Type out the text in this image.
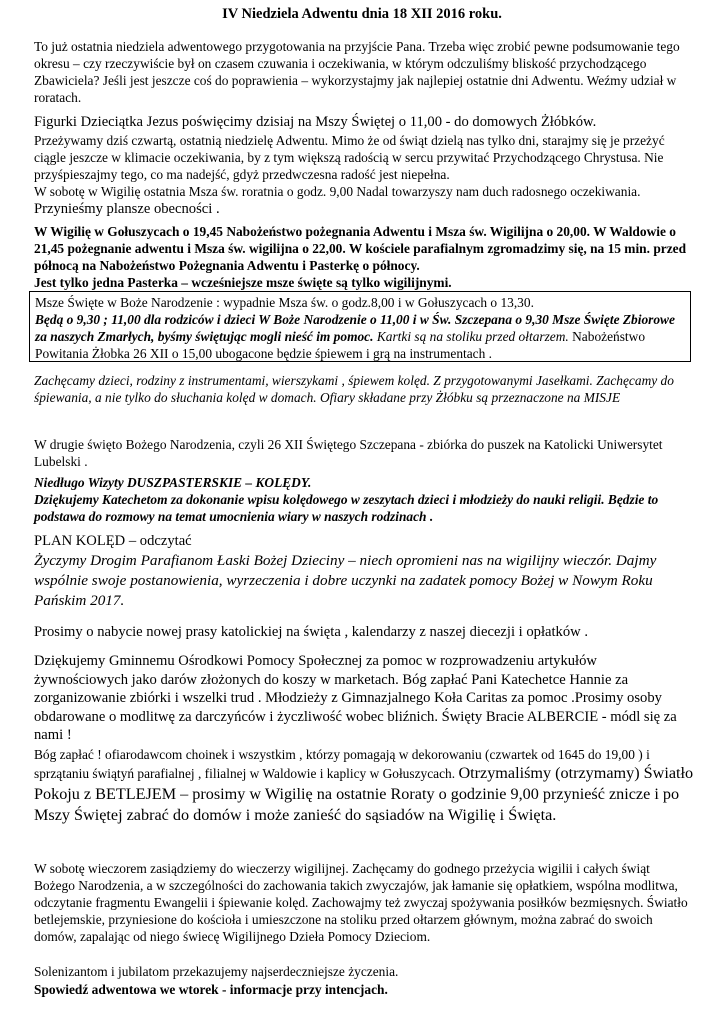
IV Niedziela Adwentu dnia 18 XII 2016 roku.
To już ostatnia niedziela adwentowego przygotowania na przyjście Pana. Trzeba więc zrobić pewne podsumowanie tego okresu – czy rzeczywiście był on czasem czuwania i oczekiwania, w którym odczuliśmy bliskość przychodzącego Zbawiciela? Jeśli jest jeszcze coś do poprawienia – wykorzystajmy jak najlepiej ostatnie dni Adwentu. Weźmy udział w roratach.
Figurki Dzieciątka Jezus poświęcimy dzisiaj na Mszy Świętej o 11,00 - do domowych Żłóbków.
Przeżywamy dziś czwartą, ostatnią niedzielę Adwentu. Mimo że od świąt dzielą nas tylko dni, starajmy się je przeżyć ciągle jeszcze w klimacie oczekiwania, by z tym większą radością w sercu przywitać Przychodzącego Chrystusa. Nie przyśpieszajmy tego, co ma nadejść, gdyż przedwczesna radość jest niepełna.
W sobotę w Wigilię ostatnia Msza św. roratnia o godz. 9,00 Nadal towarzyszy nam duch radosnego oczekiwania. Przynieśmy plansze obecności .
W Wigilię w Gołuszycach o 19,45 Nabożeństwo pożegnania Adwentu i Msza św. Wigilijna o 20,00. W Waldowie o 21,45 pożegnanie adwentu i Msza św. wigilijna o 22,00. W kościele parafialnym zgromadzimy się, na 15 min. przed północą na Nabożeństwo Pożegnania Adwentu i Pasterkę o północy.
Jest tylko jedna Pasterka – wcześniejsze msze święte są tylko wigilijnymi.
Msze Święte w Boże Narodzenie : wypadnie Msza św. o godz.8,00 i w Gołuszycach o 13,30.
Będą o 9,30 ; 11,00 dla rodziców i dzieci W Boże Narodzenie o 11,00 i w Św. Szczepana o 9,30 Msze Święte Zbiorowe za naszych Zmarłych, byśmy świętując mogli nieść im pomoc. Kartki są na stoliku przed ołtarzem. Nabożeństwo Powitania Żłobka 26 XII o 15,00 ubogacone będzie śpiewem i grą na instrumentach .
Zachęcamy dzieci, rodziny z instrumentami, wierszykami , śpiewem kolęd. Z przygotowanymi Jasełkami. Zachęcamy do śpiewania, a nie tylko do słuchania kolęd w domach. Ofiary składane przy Żłóbku są przeznaczone na MISJE
W drugie święto Bożego Narodzenia, czyli 26 XII Świętego Szczepana - zbiórka do puszek na Katolicki Uniwersytet Lubelski .
Niedługo Wizyty DUSZPASTERSKIE – KOLĘDY.
Dziękujemy Katechetom za dokonanie wpisu kolędowego w zeszytach dzieci i młodzieży do nauki religii. Będzie to podstawa do rozmowy na temat umocnienia wiary w naszych rodzinach .
PLAN KOLĘD – odczytać
Życzymy Drogim Parafianom Łaski Bożej Dzieciny – niech opromieni nas na wigilijny wieczór. Dajmy wspólnie swoje postanowienia, wyrzeczenia i dobre uczynki na zadatek pomocy Bożej w Nowym Roku Pańskim 2017.
Prosimy o nabycie nowej prasy katolickiej na święta , kalendarzy z naszej diecezji i opłatków .
Dziękujemy Gminnemu Ośrodkowi Pomocy Społecznej za pomoc w rozprowadzeniu artykułów żywnościowych jako darów złożonych do koszy w marketach. Bóg zapłać Pani Katechetce Hannie za zorganizowanie zbiórki i wszelki trud . Młodzieży z Gimnazjalnego Koła Caritas za pomoc .Prosimy osoby obdarowane o modlitwę za darczyńców i życzliwość wobec bliźnich. Święty Bracie ALBERCIE - módl się za nami !
Bóg zapłać ! ofiarodawcom choinek i wszystkim , którzy pomagają w dekorowaniu (czwartek od 1645 do 19,00 ) i sprzątaniu świątyń parafialnej , filialnej w Waldowie i kaplicy w Gołuszycach. Otrzymaliśmy (otrzymamy) Światło Pokoju z BETLEJEM – prosimy w Wigilię na ostatnie Roraty o godzinie 9,00 przynieść znicze i po Mszy Świętej zabrać do domów i może zanieść do sąsiadów na Wigilię i Święta.
W sobotę wieczorem zasiądziemy do wieczerzy wigilijnej. Zachęcamy do godnego przeżycia wigilii i całych świąt Bożego Narodzenia, a w szczególności do zachowania takich zwyczajów, jak łamanie się opłatkiem, wspólna modlitwa, odczytanie fragmentu Ewangelii i śpiewanie kolęd. Zachowajmy też zwyczaj spożywania posiłków bezmięsnych. Światło betlejemskie, przyniesione do kościoła i umieszczone na stoliku przed ołtarzem głównym, można zabrać do swoich domów, zapalając od niego świecę Wigilijnego Dzieła Pomocy Dzieciom.
Solenizantom i jubilatom przekazujemy najserdeczniejsze życzenia.
Spowiedź adwentowa we wtorek - informacje przy intencjach.
